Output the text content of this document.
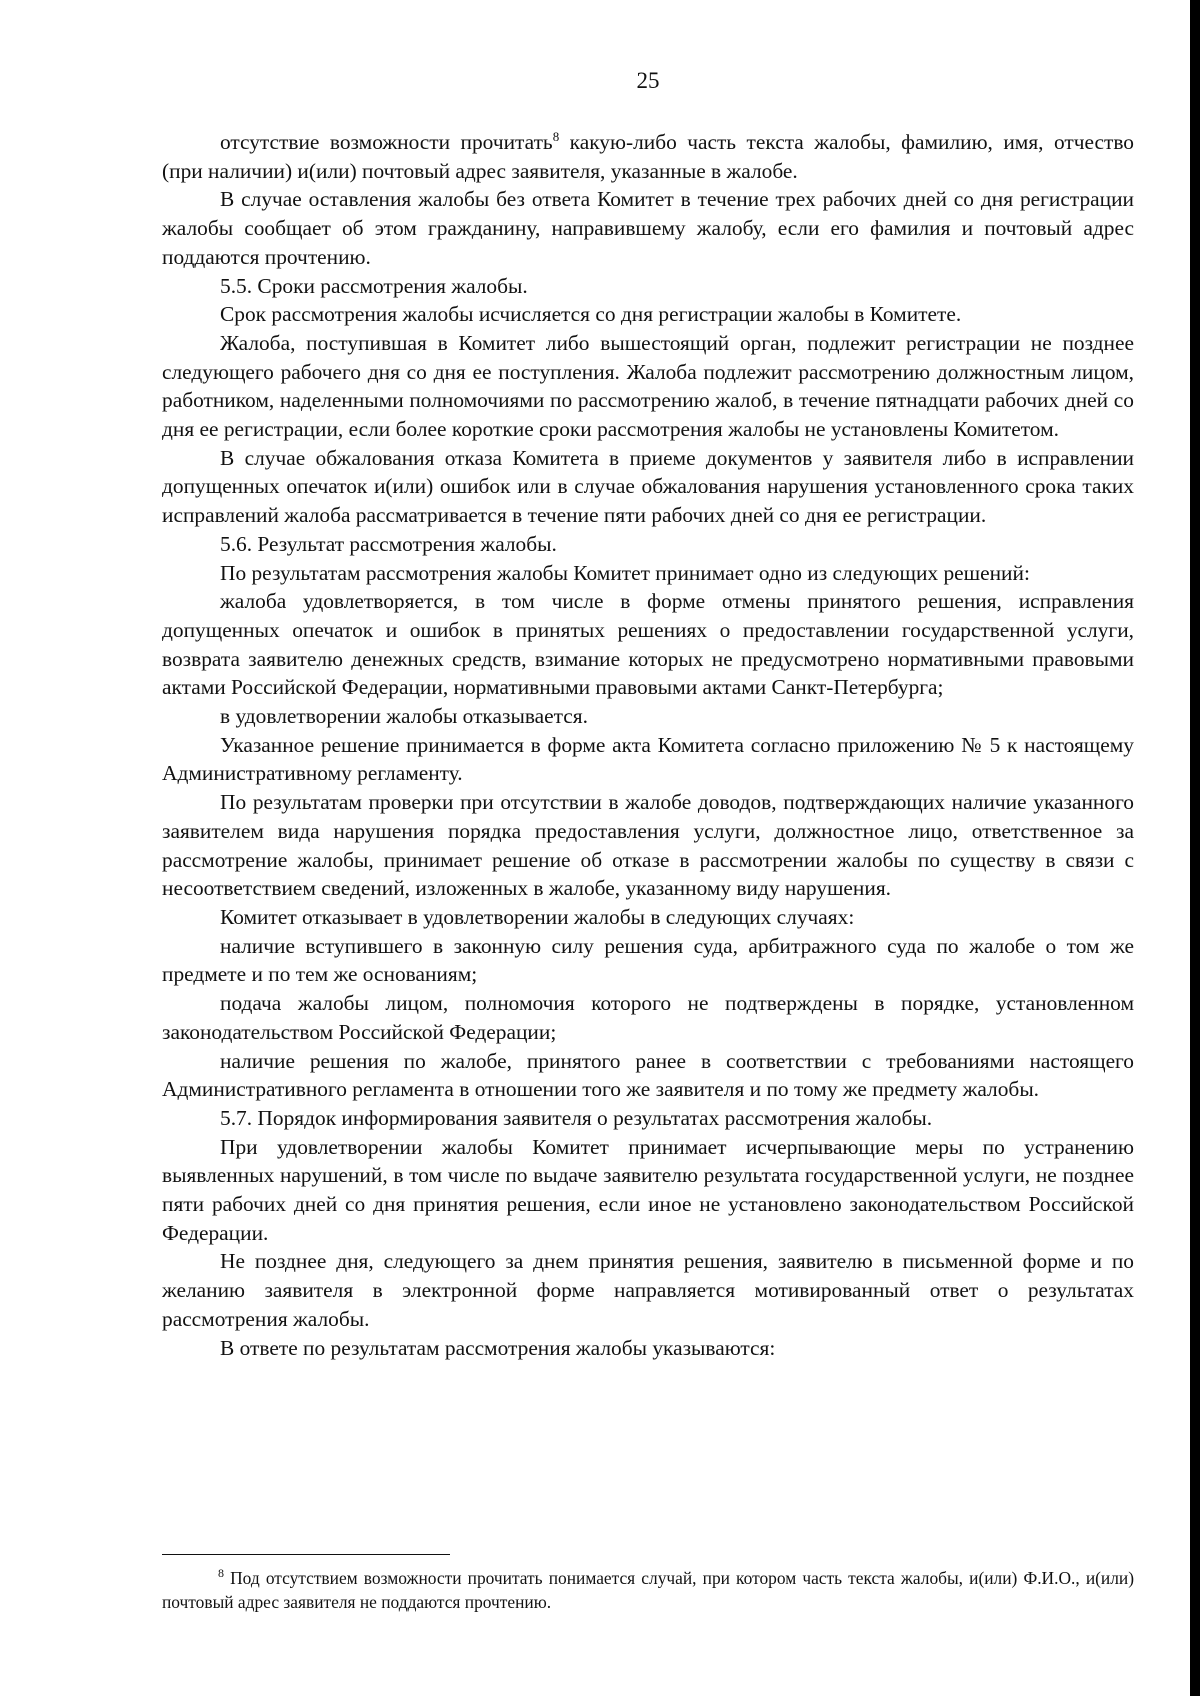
25

отсутствие возможности прочитать$^8$ какую-либо часть текста жалобы, фамилию, имя, отчество (при наличии) и(или) почтовый адрес заявителя, указанные в жалобе.

В случае оставления жалобы без ответа Комитет в течение трех рабочих дней со дня регистрации жалобы сообщает об этом гражданину, направившему жалобу, если его фамилия и почтовый адрес поддаются прочтению.

5.5. Сроки рассмотрения жалобы.

Срок рассмотрения жалобы исчисляется со дня регистрации жалобы в Комитете.

Жалоба, поступившая в Комитет либо вышестоящий орган, подлежит регистрации не позднее следующего рабочего дня со дня ее поступления. Жалоба подлежит рассмотрению должностным лицом, работником, наделенными полномочиями по рассмотрению жалоб, в течение пятнадцати рабочих дней со дня ее регистрации, если более короткие сроки рассмотрения жалобы не установлены Комитетом.

В случае обжалования отказа Комитета в приеме документов у заявителя либо в исправлении допущенных опечаток и(или) ошибок или в случае обжалования нарушения установленного срока таких исправлений жалоба рассматривается в течение пяти рабочих дней со дня ее регистрации.

5.6. Результат рассмотрения жалобы.

По результатам рассмотрения жалобы Комитет принимает одно из следующих решений:

жалоба удовлетворяется, в том числе в форме отмены принятого решения, исправления допущенных опечаток и ошибок в принятых решениях о предоставлении государственной услуги, возврата заявителю денежных средств, взимание которых не предусмотрено нормативными правовыми актами Российской Федерации, нормативными правовыми актами Санкт-Петербурга;

в удовлетворении жалобы отказывается.

Указанное решение принимается в форме акта Комитета согласно приложению № 5 к настоящему Административному регламенту.

По результатам проверки при отсутствии в жалобе доводов, подтверждающих наличие указанного заявителем вида нарушения порядка предоставления услуги, должностное лицо, ответственное за рассмотрение жалобы, принимает решение об отказе в рассмотрении жалобы по существу в связи с несоответствием сведений, изложенных в жалобе, указанному виду нарушения.

Комитет отказывает в удовлетворении жалобы в следующих случаях:

наличие вступившего в законную силу решения суда, арбитражного суда по жалобе о том же предмете и по тем же основаниям;

подача жалобы лицом, полномочия которого не подтверждены в порядке, установленном законодательством Российской Федерации;

наличие решения по жалобе, принятого ранее в соответствии с требованиями настоящего Административного регламента в отношении того же заявителя и по тому же предмету жалобы.

5.7. Порядок информирования заявителя о результатах рассмотрения жалобы.

При удовлетворении жалобы Комитет принимает исчерпывающие меры по устранению выявленных нарушений, в том числе по выдаче заявителю результата государственной услуги, не позднее пяти рабочих дней со дня принятия решения, если иное не установлено законодательством Российской Федерации.

Не позднее дня, следующего за днем принятия решения, заявителю в письменной форме и по желанию заявителя в электронной форме направляется мотивированный ответ о результатах рассмотрения жалобы.

В ответе по результатам рассмотрения жалобы указываются:

$^8$ Под отсутствием возможности прочитать понимается случай, при котором часть текста жалобы, и(или) Ф.И.О., и(или) почтовый адрес заявителя не поддаются прочтению.
